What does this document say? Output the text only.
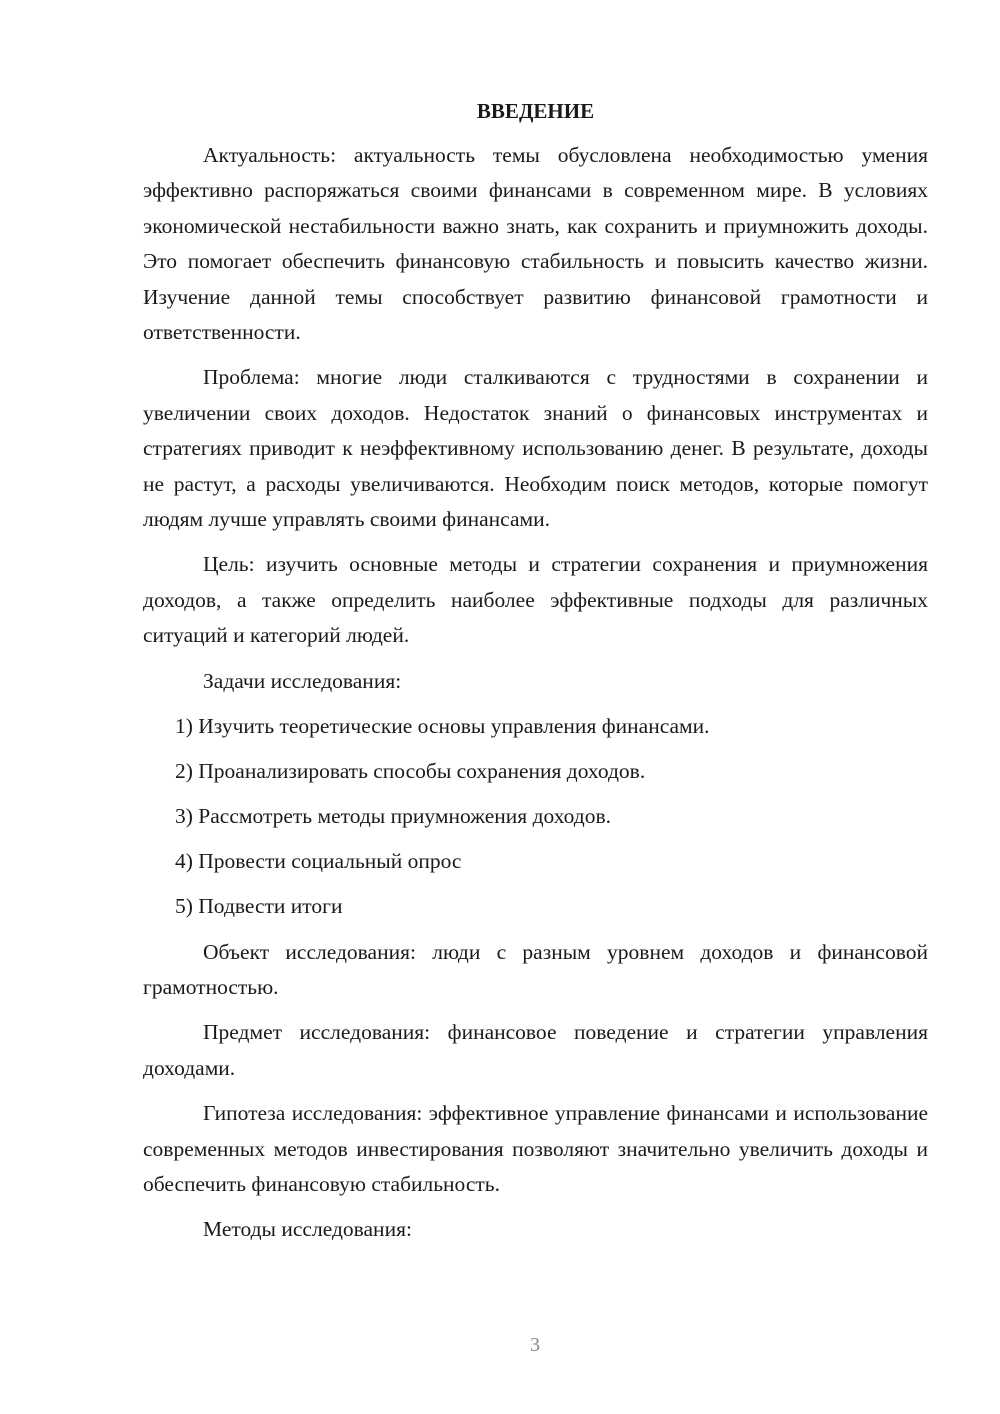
ВВЕДЕНИЕ

Актуальность: актуальность темы обусловлена необходимостью умения эффективно распоряжаться своими финансами в современном мире. В условиях экономической нестабильности важно знать, как сохранить и приумножить доходы. Это помогает обеспечить финансовую стабильность и повысить качество жизни. Изучение данной темы способствует развитию финансовой грамотности и ответственности.

Проблема: многие люди сталкиваются с трудностями в сохранении и увеличении своих доходов. Недостаток знаний о финансовых инструментах и стратегиях приводит к неэффективному использованию денег. В результате, доходы не растут, а расходы увеличиваются. Необходим поиск методов, которые помогут людям лучше управлять своими финансами.

Цель: изучить основные методы и стратегии сохранения и приумножения доходов, а также определить наиболее эффективные подходы для различных ситуаций и категорий людей.

Задачи исследования:

1) Изучить теоретические основы управления финансами.
2) Проанализировать способы сохранения доходов.
3) Рассмотреть методы приумножения доходов.
4) Провести социальный опрос
5) Подвести итоги

Объект исследования: люди с разным уровнем доходов и финансовой грамотностью.

Предмет исследования: финансовое поведение и стратегии управления доходами.

Гипотеза исследования: эффективное управление финансами и использование современных методов инвестирования позволяют значительно увеличить доходы и обеспечить финансовую стабильность.

Методы исследования:

3
